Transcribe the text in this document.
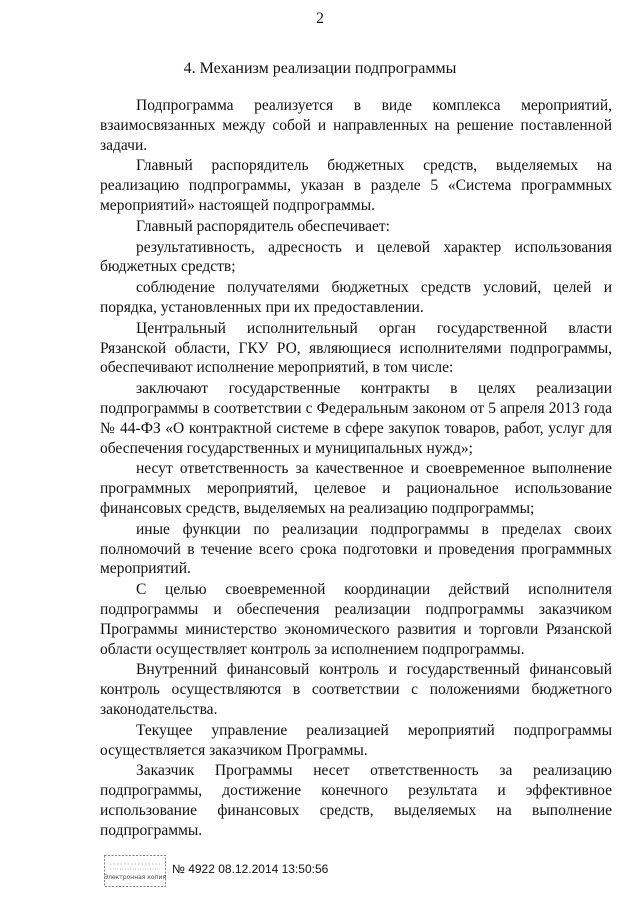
2
4. Механизм реализации подпрограммы

Подпрограмма реализуется в виде комплекса мероприятий, взаимосвязанных между собой и направленных на решение поставленной задачи.

Главный распорядитель бюджетных средств, выделяемых на реализацию подпрограммы, указан в разделе 5 «Система программных мероприятий» настоящей подпрограммы.

Главный распорядитель обеспечивает:

результативность, адресность и целевой характер использования бюджетных средств;

соблюдение получателями бюджетных средств условий, целей и порядка, установленных при их предоставлении.

Центральный исполнительный орган государственной власти Рязанской области, ГКУ РО, являющиеся исполнителями подпрограммы, обеспечивают исполнение мероприятий, в том числе:

заключают государственные контракты в целях реализации подпрограммы в соответствии с Федеральным законом от 5 апреля 2013 года № 44-ФЗ «О контрактной системе в сфере закупок товаров, работ, услуг для обеспечения государственных и муниципальных нужд»;

несут ответственность за качественное и своевременное выполнение программных мероприятий, целевое и рациональное использование финансовых средств, выделяемых на реализацию подпрограммы;

иные функции по реализации подпрограммы в пределах своих полномочий в течение всего срока подготовки и проведения программных мероприятий.

С целью своевременной координации действий исполнителя подпрограммы и обеспечения реализации подпрограммы заказчиком Программы министерство экономического развития и торговли Рязанской области осуществляет контроль за исполнением подпрограммы.

Внутренний финансовый контроль и государственный финансовый контроль осуществляются в соответствии с положениями бюджетного законодательства.

Текущее управление реализацией мероприятий подпрограммы осуществляется заказчиком Программы.

Заказчик Программы несет ответственность за реализацию подпрограммы, достижение конечного результата и эффективное использование финансовых средств, выделяемых на выполнение подпрограммы.

Электронная копия
№ 4922 08.12.2014 13:50:56
